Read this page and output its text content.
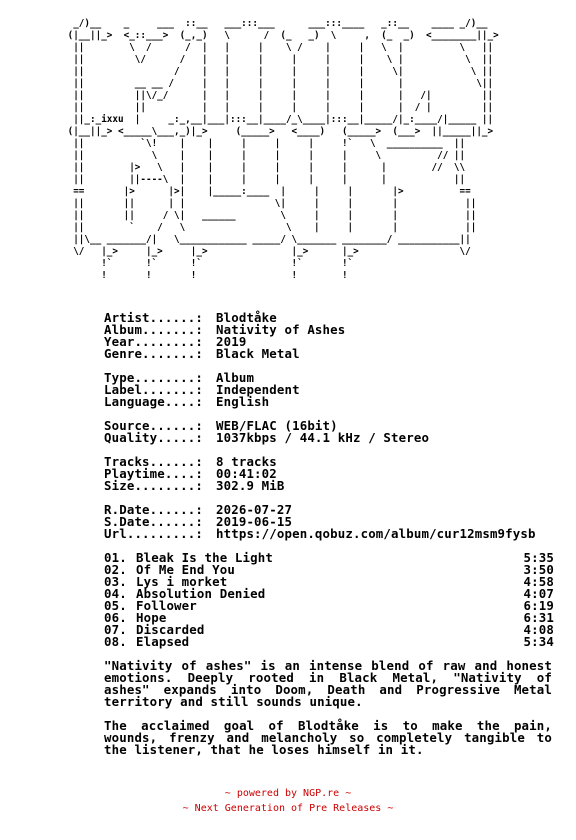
_/)__    _     ___  ::__   ___:::___      ___:::____   _::__    ____ _/)__
(|__||_>  <_::___>  (_,_)   \      /  (_   _)  \     ,  (_  _)  <________||_>
||        \  /      /  |   |     |    \ /    |     |   \  |          \   ||
||         \/      /   |   |     |     |     |     |    \ |           \  ||
||                /    |   |     |     |     |     |     \|            \ ||
||         __ __ /     |   |     |     |     |     |      |             \||
||         ||\/_/      |   |     |     |     |     |      |   /|         ||
||         ||          |   |     |     |     |     |      |  / |         ||
||_:_ixxu  |     _:_,__|___|:::__|____/_\____|:::__|_____/|_:____/|_____ ||
(|__||_> <_____\___,_)|_>     (_____>   <____)   (_____>  (___>  ||_____||_>
||          `\!    |    |     |     |     |     !`   \  __________  ||
||            \    |    |     |     |     |     |     \          // ||
||        |>   \   |    |     |     |     |     |      |        //  \\
||        ||----\  |    |     |     |     |     |      |            ||
==       |>      |>|    |_____:____  |     |     |       |>          ==
||       ||      | |                \|     |     |       |            ||
||       ||     / \|   ______        \     |     |       |            ||
||        `    /   \                  \    |     |       |            ||
||\__ _______/|   \____________ _____/ \_______ ________/ ___________||
\/   |_>     |_>     |_>               |_>      |_>                  \/
!`      !`      !`                !`       !`
!       !       !                 !        !
Artist......:	Blodtåke
Album.......:	Nativity of Ashes
Year........:	2019
Genre.......:	Black Metal
Type........:	Album
Label.......:	Independent
Language....:	English
Source......:	WEB/FLAC (16bit)
Quality.....:	1037kbps / 44.1 kHz / Stereo
Tracks......:	8 tracks
Playtime....:	00:41:02
Size........:	302.9 MiB
R.Date......:	2026-07-27
S.Date......:	2019-06-15
Url.........:	https://open.qobuz.com/album/cur12msm9fysb
01. Bleak Is the Light	5:35
02. Of Me End You	3:50
03. Lys i morket	4:58
04. Absolution Denied	4:07
05. Follower	6:19
06. Hope	6:31
07. Discarded	4:08
08. Elapsed	5:34
"Nativity of ashes" is an intense blend of raw and honest emotions. Deeply rooted in Black Metal, "Nativity of ashes" expands into Doom, Death and Progressive Metal territory and still sounds unique.
The acclaimed goal of Blodtåke is to make the pain, wounds, frenzy and melancholy so completely tangible to the listener, that he loses himself in it.
~ powered by NGP.re ~
~ Next Generation of Pre Releases ~
